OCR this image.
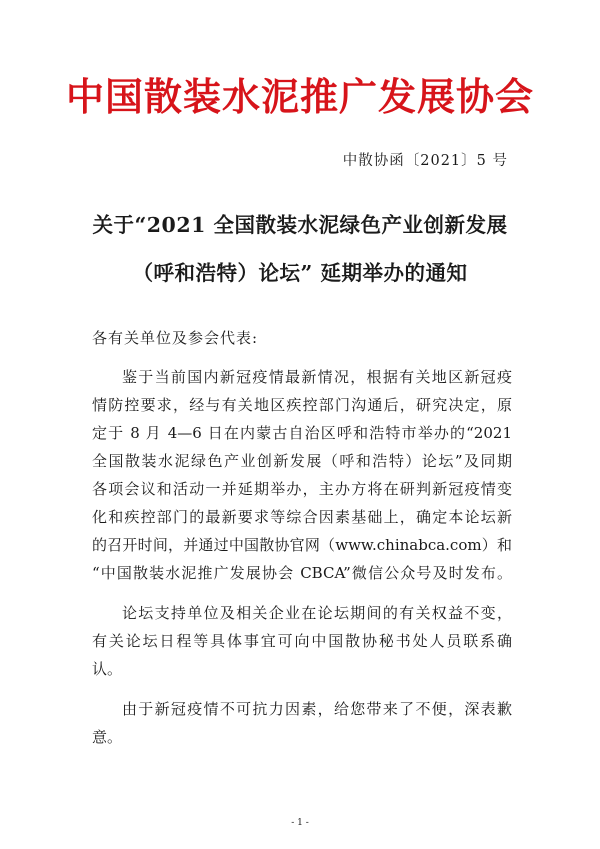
中国散装水泥推广发展协会
中散协函〔2021〕5 号
关于“2021 全国散装水泥绿色产业创新发展
（呼和浩特）论坛” 延期举办的通知
各有关单位及参会代表:
鉴于当前国内新冠疫情最新情况，根据有关地区新冠疫
情防控要求，经与有关地区疾控部门沟通后，研究决定，原
定于 8 月 4—6 日在内蒙古自治区呼和浩特市举办的“2021
全国散装水泥绿色产业创新发展（呼和浩特）论坛”及同期
各项会议和活动一并延期举办，主办方将在研判新冠疫情变
化和疾控部门的最新要求等综合因素基础上，确定本论坛新
的召开时间，并通过中国散协官网（www.chinabca.com）和
“中国散装水泥推广发展协会 CBCA”微信公众号及时发布。
论坛支持单位及相关企业在论坛期间的有关权益不变，
有关论坛日程等具体事宜可向中国散协秘书处人员联系确
认。
由于新冠疫情不可抗力因素，给您带来了不便，深表歉
意。
- 1 -
